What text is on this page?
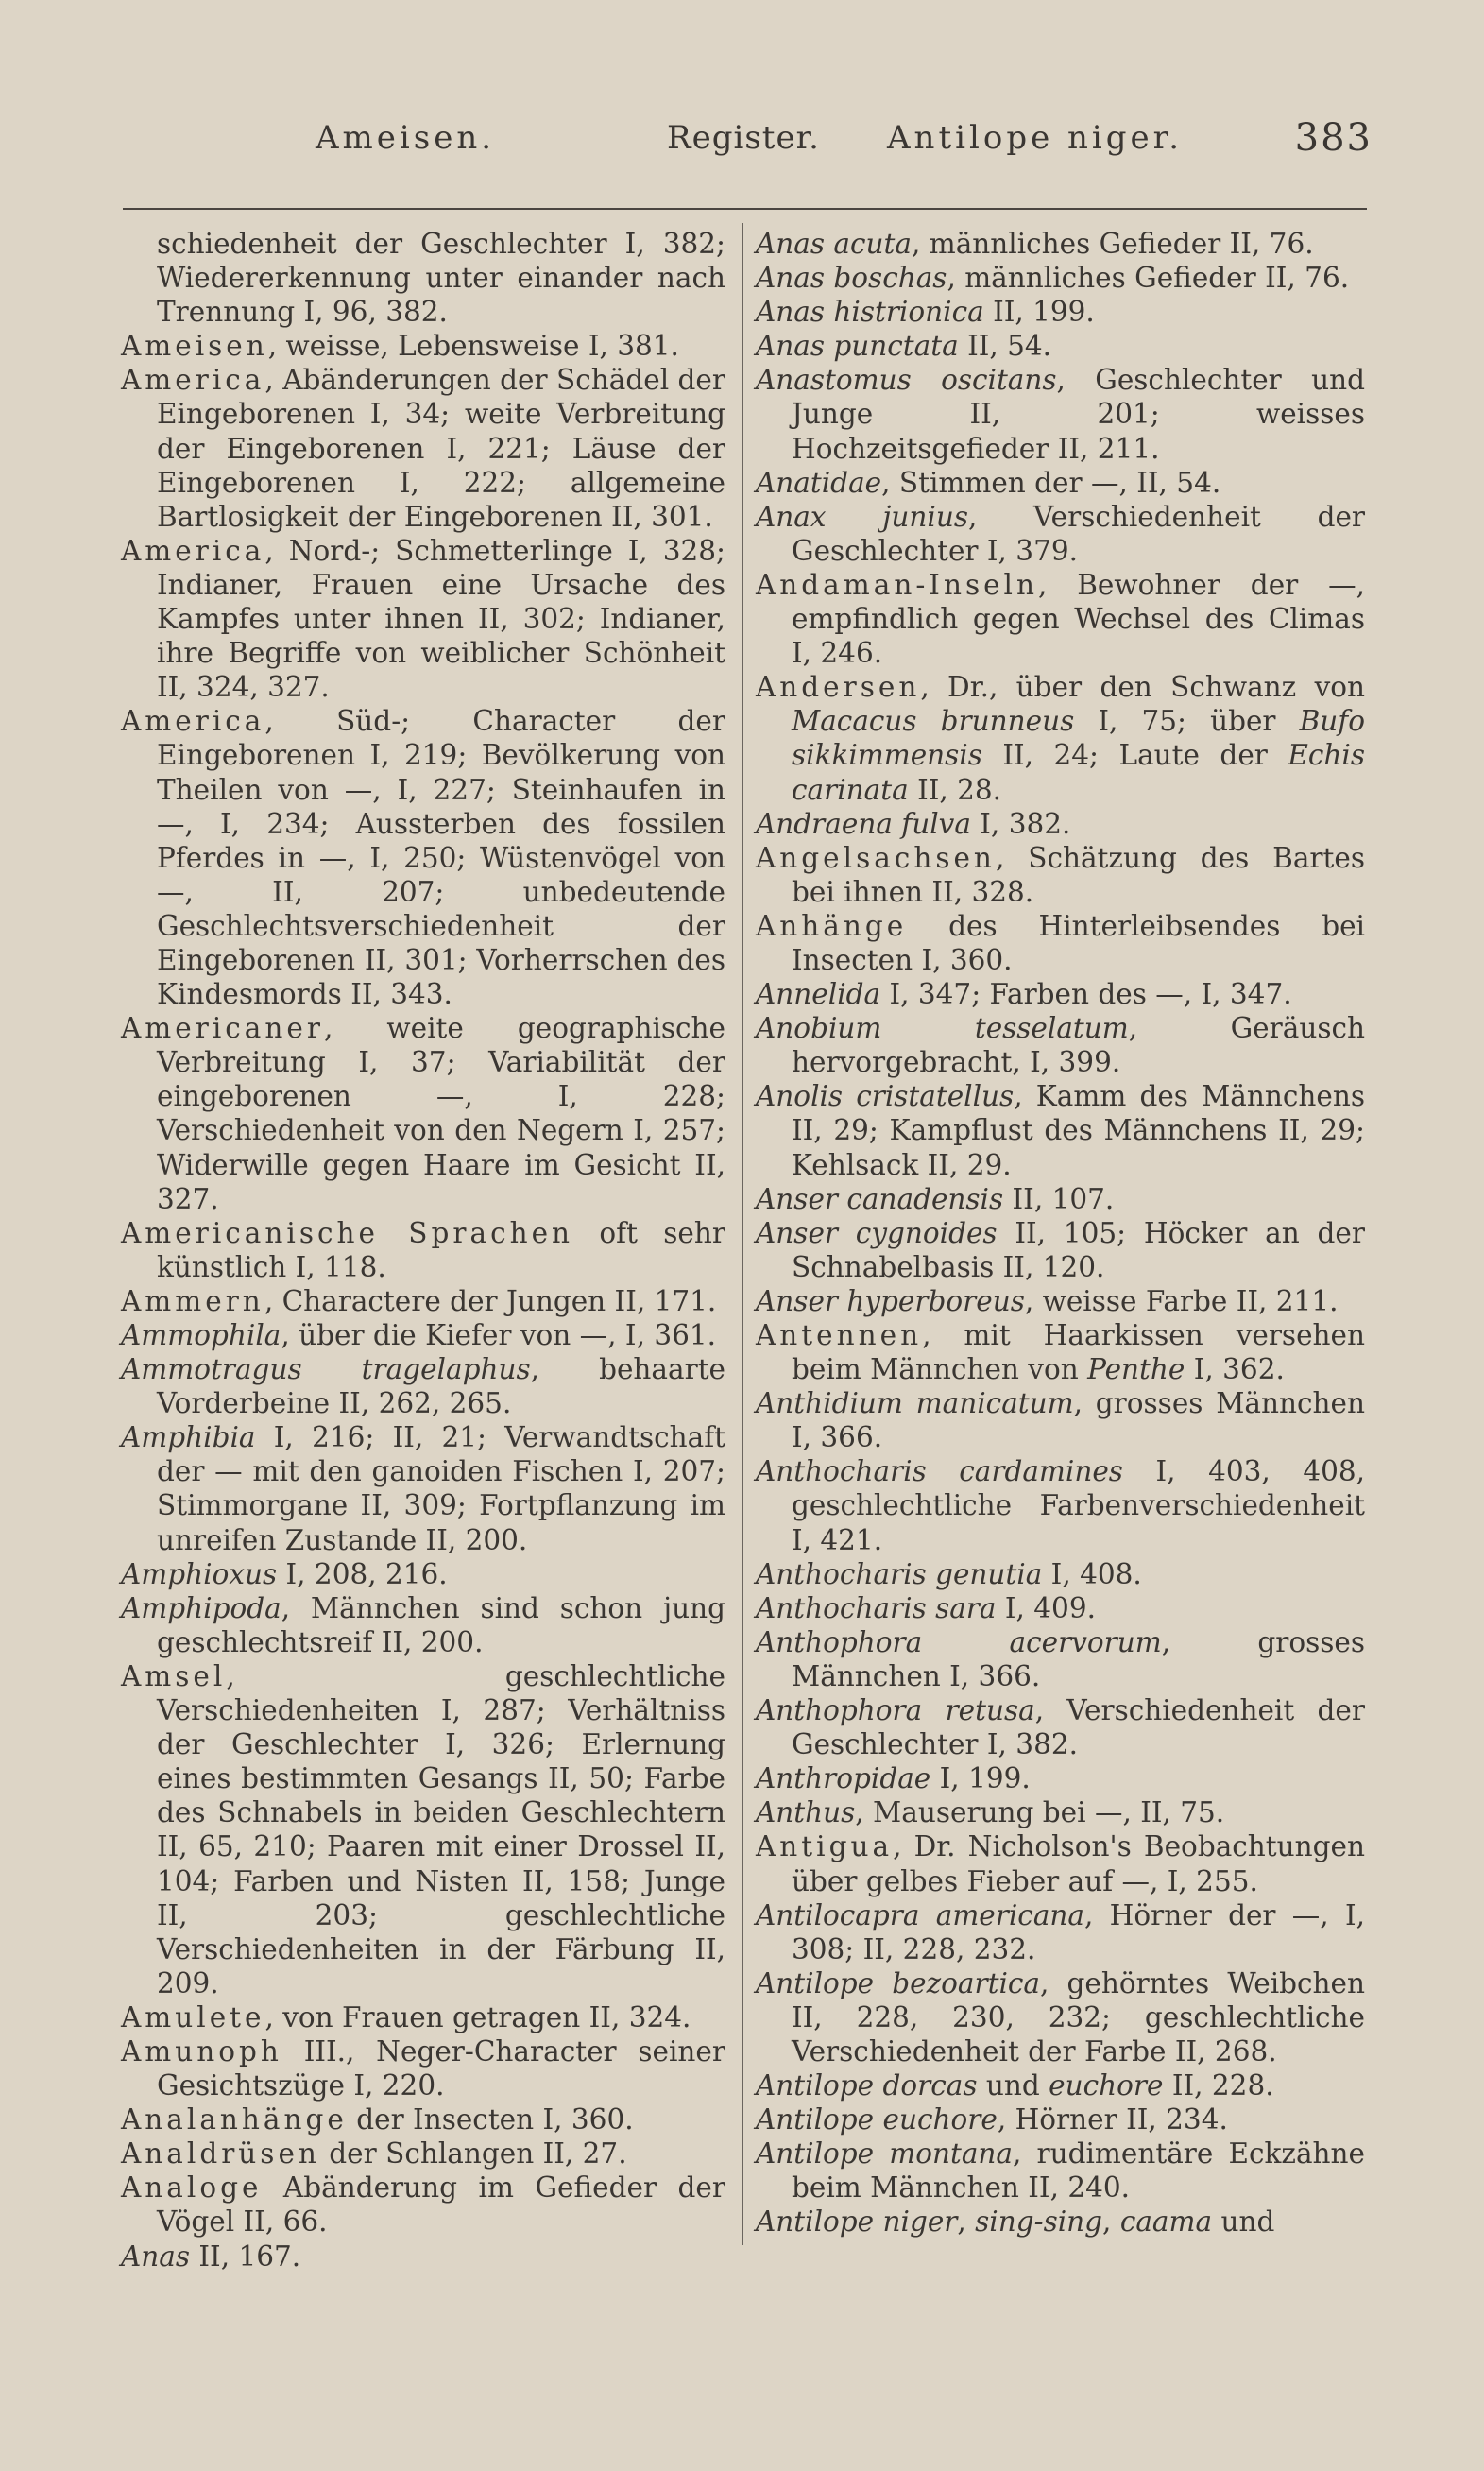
Ameisen.	Register. Antilope niger.	383

schiedenheit der Geschlechter I, 382; Wiedererkennung unter einander nach Trennung I, 96, 382.

Ameisen, weisse, Lebensweise I, 381.

America, Abänderungen der Schädel der Eingeborenen I, 34; weite Verbreitung der Eingeborenen I, 221; Läuse der Eingeborenen I, 222; allgemeine Bartlosigkeit der Eingeborenen II, 301.

America, Nord-; Schmetterlinge I, 328; Indianer, Frauen eine Ursache des Kampfes unter ihnen II, 302; Indianer, ihre Begriffe von weiblicher Schönheit II, 324, 327.

America, Süd-; Character der Eingeborenen I, 219; Bevölkerung von Theilen von —, I, 227; Steinhaufen in —, I, 234; Aussterben des fossilen Pferdes in —, I, 250; Wüstenvögel von —, II, 207; unbedeutende Geschlechtsverschiedenheit der Eingeborenen II, 301; Vorherrschen des Kindesmords II, 343.

Americaner, weite geographische Verbreitung I, 37; Variabilität der eingeborenen —, I, 228; Verschiedenheit von den Negern I, 257; Widerwille gegen Haare im Gesicht II, 327.

Americanische Sprachen oft sehr künstlich I, 118.

Ammern, Charactere der Jungen II, 171.

Ammophila, über die Kiefer von —, I, 361.

Ammotragus tragelaphus, behaarte Vorderbeine II, 262, 265.

Amphibia I, 216; II, 21; Verwandtschaft der — mit den ganoiden Fischen I, 207; Stimmorgane II, 309; Fortpflanzung im unreifen Zustande II, 200.

Amphioxus I, 208, 216.

Amphipoda, Männchen sind schon jung geschlechtsreif II, 200.

Amsel, geschlechtliche Verschiedenheiten I, 287; Verhältniss der Geschlechter I, 326; Erlernung eines bestimmten Gesangs II, 50; Farbe des Schnabels in beiden Geschlechtern II, 65, 210; Paaren mit einer Drossel II, 104; Farben und Nisten II, 158; Junge II, 203; geschlechtliche Verschiedenheiten in der Färbung II, 209.

Amulete, von Frauen getragen II, 324.

Amunoph III., Neger-Character seiner Gesichtszüge I, 220.

Analanhänge der Insecten I, 360.

Analdrüsen der Schlangen II, 27.

Analoge Abänderung im Gefieder der Vögel II, 66.

Anas II, 167.

Anas acuta, männliches Gefieder II, 76.

Anas boschas, männliches Gefieder II, 76.

Anas histrionica II, 199.

Anas punctata II, 54.

Anastomus oscitans, Geschlechter und Junge II, 201; weisses Hochzeitsgefieder II, 211.

Anatidae, Stimmen der —, II, 54.

Anax junius, Verschiedenheit der Geschlechter I, 379.

Andaman-Inseln, Bewohner der —, empfindlich gegen Wechsel des Climas I, 246.

Andersen, Dr., über den Schwanz von Macacus brunneus I, 75; über Bufo sikkimmensis II, 24; Laute der Echis carinata II, 28.

Andraena fulva I, 382.

Angelsachsen, Schätzung des Bartes bei ihnen II, 328.

Anhänge des Hinterleibsendes bei Insecten I, 360.

Annelida I, 347; Farben des —, I, 347.

Anobium tesselatum, Geräusch hervorgebracht, I, 399.

Anolis cristatellus, Kamm des Männchens II, 29; Kampflust des Männchens II, 29; Kehlsack II, 29.

Anser canadensis II, 107.

Anser cygnoides II, 105; Höcker an der Schnabelbasis II, 120.

Anser hyperboreus, weisse Farbe II, 211.

Antennen, mit Haarkissen versehen beim Männchen von Penthe I, 362.

Anthidium manicatum, grosses Männchen I, 366.

Anthocharis cardamines I, 403, 408, geschlechtliche Farbenverschiedenheit I, 421.

Anthocharis genutia I, 408.

Anthocharis sara I, 409.

Anthophora acervorum, grosses Männchen I, 366.

Anthophora retusa, Verschiedenheit der Geschlechter I, 382.

Anthropidae I, 199.

Anthus, Mauserung bei —, II, 75.

Antigua, Dr. Nicholson's Beobachtungen über gelbes Fieber auf —, I, 255.

Antilocapra americana, Hörner der —, I, 308; II, 228, 232.

Antilope bezoartica, gehörntes Weibchen II, 228, 230, 232; geschlechtliche Verschiedenheit der Farbe II, 268.

Antilope dorcas und euchore II, 228.

Antilope euchore, Hörner II, 234.

Antilope montana, rudimentäre Eckzähne beim Männchen II, 240.

Antilope niger, sing-sing, caama und
